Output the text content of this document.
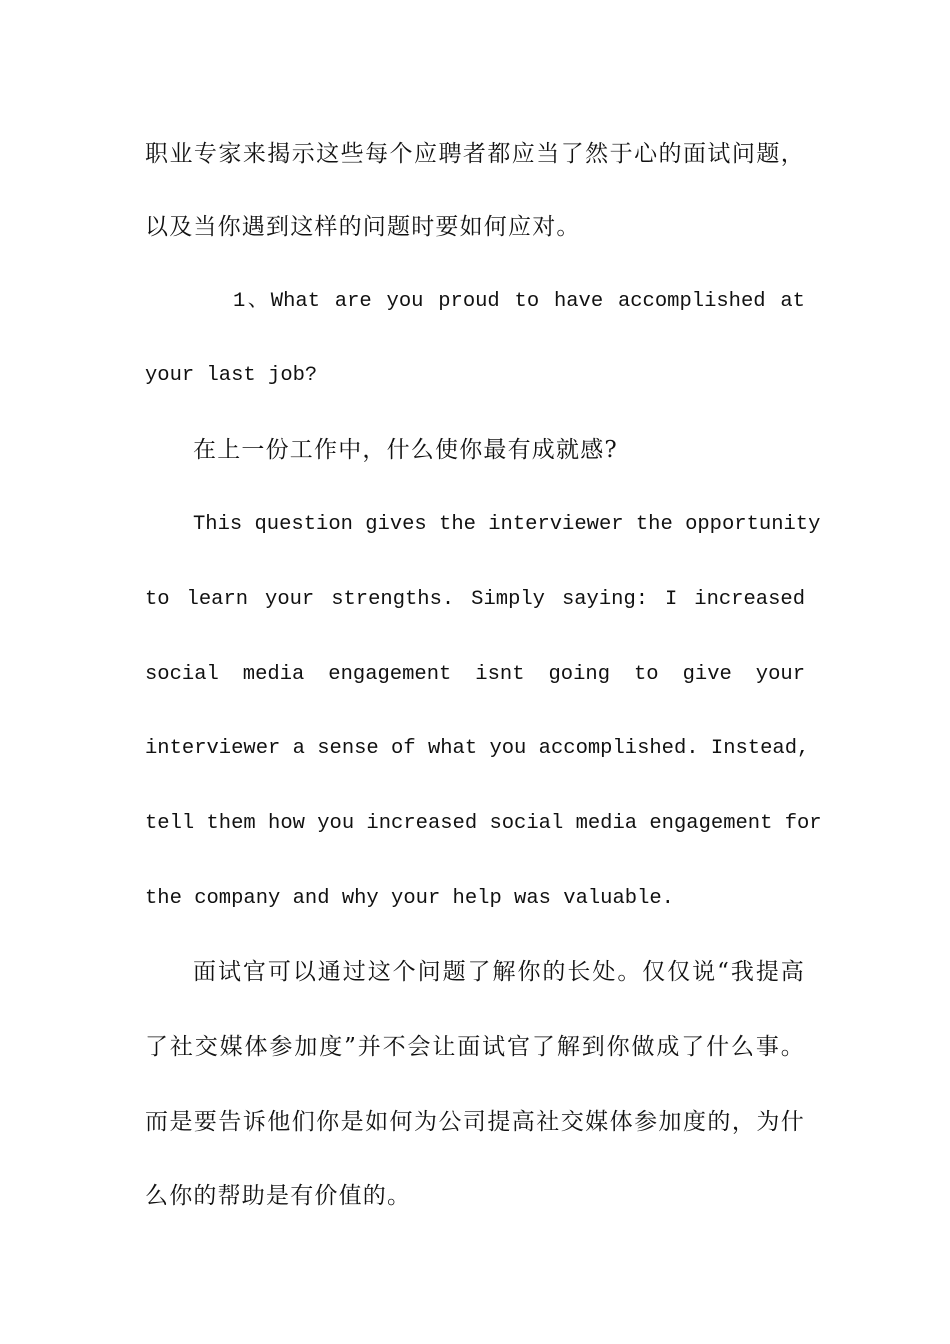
职业专家来揭示这些每个应聘者都应当了然于心的面试问题，
以及当你遇到这样的问题时要如何应对。
1、What are you proud to have accomplished at
your last job?
在上一份工作中，什么使你最有成就感?
This question gives the interviewer the opportunity
to learn your strengths. Simply saying: I increased
social media engagement isnt going to give your
interviewer a sense of what you accomplished. Instead,
tell them how you increased social media engagement for
the company and why your help was valuable.
面试官可以通过这个问题了解你的长处。仅仅说“我提高
了社交媒体参加度”并不会让面试官了解到你做成了什么事。
而是要告诉他们你是如何为公司提高社交媒体参加度的，为什
么你的帮助是有价值的。
